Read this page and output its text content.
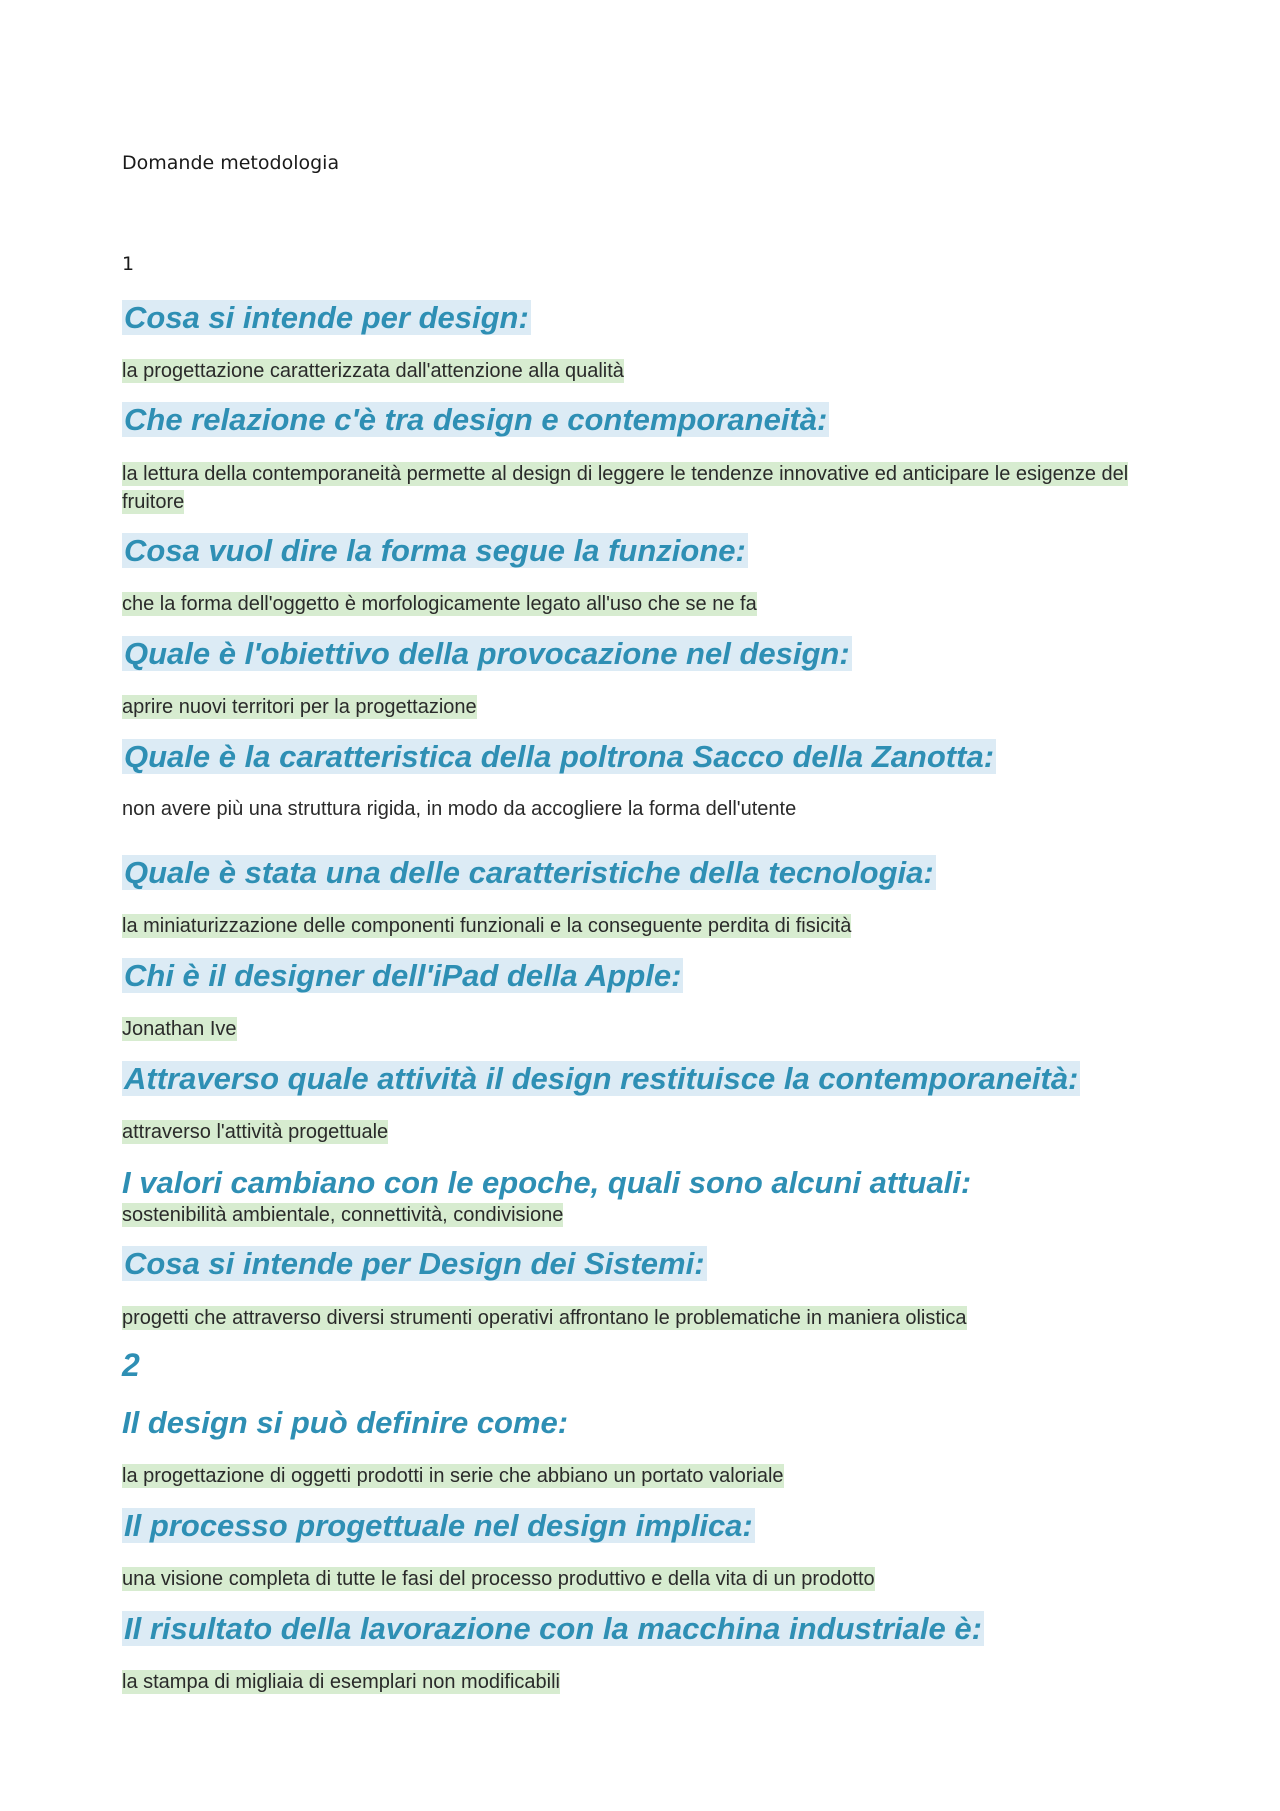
Domande metodologia

1

Cosa si intende per design:

la progettazione caratterizzata dall'attenzione alla qualità

Che relazione c'è tra design e contemporaneità:

la lettura della contemporaneità permette al design di leggere le tendenze innovative ed anticipare le esigenze del fruitore

Cosa vuol dire la forma segue la funzione:

che la forma dell'oggetto è morfologicamente legato all'uso che se ne fa

Quale è l'obiettivo della provocazione nel design:

aprire nuovi territori per la progettazione

Quale è la caratteristica della poltrona Sacco della Zanotta:

non avere più una struttura rigida, in modo da accogliere la forma dell'utente

Quale è stata una delle caratteristiche della tecnologia:

la miniaturizzazione delle componenti funzionali e la conseguente perdita di fisicità

Chi è il designer dell'iPad della Apple:

Jonathan Ive

Attraverso quale attività il design restituisce la contemporaneità:

attraverso l'attività progettuale

I valori cambiano con le epoche, quali sono alcuni attuali:

sostenibilità ambientale, connettività, condivisione

Cosa si intende per Design dei Sistemi:

progetti che attraverso diversi strumenti operativi affrontano le problematiche in maniera olistica

2

Il design si può definire come:

la progettazione di oggetti prodotti in serie che abbiano un portato valoriale

Il processo progettuale nel design implica:

una visione completa di tutte le fasi del processo produttivo e della vita di un prodotto

Il risultato della lavorazione con la macchina industriale è:

la stampa di migliaia di esemplari non modificabili
